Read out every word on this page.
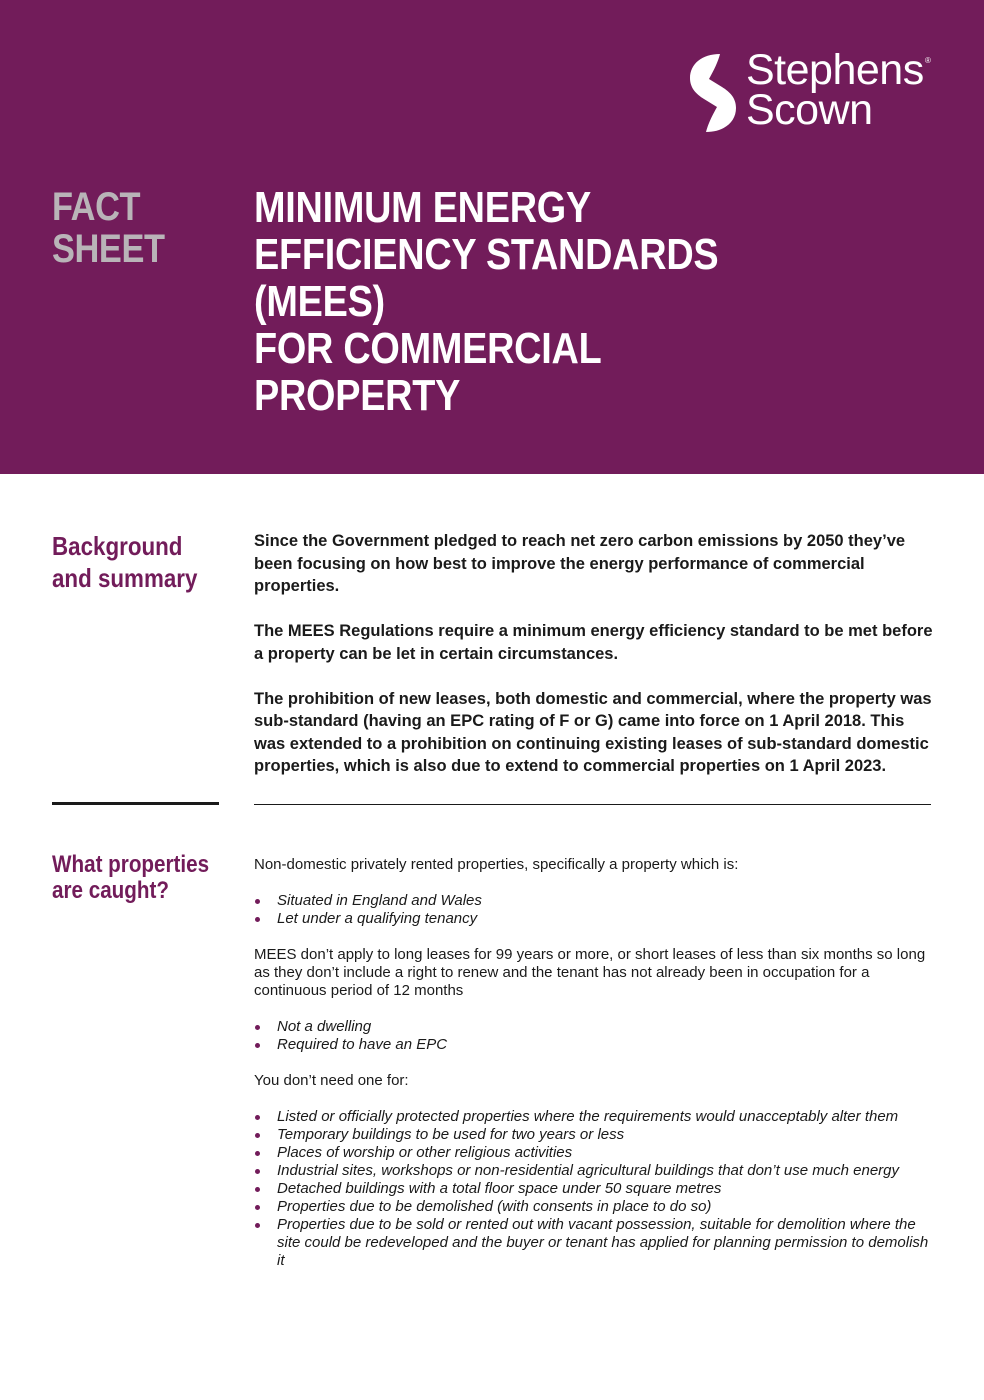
Stephens
Scown
®
FACT
SHEET
MINIMUM ENERGY
EFFICIENCY STANDARDS
(MEES)
FOR COMMERCIAL
PROPERTY
Background
and summary

Since the Government pledged to reach net zero carbon emissions by 2050 they’ve been focusing on how best to improve the energy performance of commercial properties.

The MEES Regulations require a minimum energy efficiency standard to be met before a property can be let in certain circumstances.

The prohibition of new leases, both domestic and commercial, where the property was sub-standard (having an EPC rating of F or G) came into force on 1 April 2018. This was extended to a prohibition on continuing existing leases of sub-standard domestic properties, which is also due to extend to commercial properties on 1 April 2023.

What properties
are caught?

Non-domestic privately rented properties, specifically a property which is:

Situated in England and Wales
Let under a qualifying tenancy

MEES don’t apply to long leases for 99 years or more, or short leases of less than six months so long as they don’t include a right to renew and the tenant has not already been in occupation for a continuous period of 12 months

Not a dwelling
Required to have an EPC

You don’t need one for:

Listed or officially protected properties where the requirements would unacceptably alter them
Temporary buildings to be used for two years or less
Places of worship or other religious activities
Industrial sites, workshops or non-residential agricultural buildings that don’t use much energy
Detached buildings with a total floor space under 50 square metres
Properties due to be demolished (with consents in place to do so)
Properties due to be sold or rented out with vacant possession, suitable for demolition where the site could be redeveloped and the buyer or tenant has applied for planning permission to demolish it
